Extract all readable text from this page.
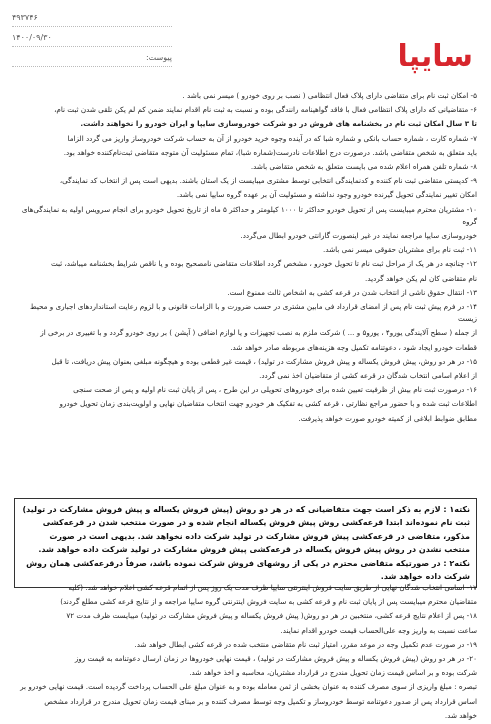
۴۹۳۷۴۶
۱۴۰۰/۰۹/۳۰
پیوست:	سایپا
۵- امکان ثبت نام برای متقاضی دارای پلاک فعال انتظامی ( نصب بر روی خودرو ) میسر نمی باشد .
۶- متقاضیانی که دارای پلاک انتظامی فعال با فاقد گواهینامه رانندگی بوده و نسبت به ثبت نام اقدام نمایند ضمن کم لم یکن تلقی شدن ثبت نام،
تا ۳ سال امکان ثبت نام در بخشنامه های فروش در دو شرکت خودروسازی سایپا و ایران خودرو را نخواهند داشت.
۷- شماره کارت ، شماره حساب بانکی و شماره شبا که در آینده وجوه خرید خودرو از آن به حساب شرکت خودروساز واریز می گردد الزاما
باید متعلق به شخص متقاضی باشد. درصورت درج اطلاعات نادرست(شماره شبا)، تمام مسئولیت آن متوجه متقاضی ثبت‌نام‌کننده خواهد بود.
۸- شماره تلفن همراه اعلام شده می بایست متعلق به شخص متقاضی باشد.
۹- کدپستی متقاضی ثبت نام کننده و کدنمایندگی انتخابی توسط مشتری میبایست از یک استان باشند. بدیهی است پس از انتخاب کد نمایندگی،
امکان تغییر نمایندگی تحویل گیرنده خودرو وجود نداشته و مسئولیت آن بر عهده گروه سایپا نمی باشد.
۱۰- مشتریان محترم میبایست پس از تحویل خودرو حداکثر تا ۱۰۰۰ کیلومتر و حداکثر ۵ ماه از تاریخ تحویل خودرو برای انجام سرویس اولیه به نمایندگی‌های گروه
خودروسازی سایپا مراجعه نمایند در غیر اینصورت گارانتی خودرو ابطال می‌گردد.
۱۱- ثبت نام برای مشتریان حقوقی میسر نمی باشد.
۱۲- چنانچه در هر یک از مراحل ثبت نام تا تحویل خودرو ، مشخص گردد اطلاعات متقاضی نامصحیح بوده و یا ناقص شرایط بخشنامه میباشد، ثبت
نام متقاضی کان لم یکن خواهد گردید.
۱۳- انتقال حقوق ناشی از انتخاب شدن در قرعه کشی به اشخاص ثالث ممنوع است.
۱۴- در فرم پیش ثبت نام پس از امضای قرارداد فی مابین مشتری در حسب ضرورت و با الزامات قانونی و با لزوم رعایت استانداردهای اجباری و محیط زیست
از جمله ( سطح آلایندگی یورو۴ ، یورو۵ و ... ) شرکت ملزم به نصب تجهیزات و یا لوازم اضافی ( آپشن ) بر روی خودرو گردد و با تغییری در برخی از
قطعات خودرو ایجاد شود ، دعوتنامه تکمیل وجه هزینه‌های مربوطه صادر خواهد شد.
۱۵- در هر دو روش، پیش فروش یکساله و پیش فروش مشارکت در تولید) ، قیمت غیر قطعی بوده و هیچگونه مبلغی بعنوان پیش دریافت، تا قبل
از اعلام اسامی انتخاب شدگان در قرعه کشی از متقاضیان اخذ نمی گردد.
۱۶- درصورت ثبت نام بیش از ظرفیت تعیین شده برای خودروهای تحویلی در این طرح ، پس از پایان ثبت نام اولیه و پس از صحت سنجی
اطلاعات ثبت شده و با حضور مراجع نظارتی ، قرعه کشی به تفکیک هر خودرو جهت انتخاب متقاضیان نهایی و اولویت‌بندی زمان تحویل خودرو
مطابق ضوابط ابلاغی از کمیته خودرو صورت خواهد پذیرفت.
نکته۱ : لازم به ذکر است جهت متقاضیانی که در هر دو روش (پیش فروش یکساله و پیش فروش مشارکت در تولید) ثبت نام نموده‌اند ابتدا قرعه‌کشی روش پیش فروش یکساله انجام شده و در صورت منتخب شدن در قرعه‌کشی مذکور، متقاضی در قرعه‌کشی پیش فروش مشارکت در تولید شرکت داده نخواهد شد. بدیهی است در صورت منتخب نشدن در روش پیش فروش یکساله در قرعه‌کشی پیش فروش مشارکت در تولید شرکت داده خواهد شد.
نکته۲ : در صورتیکه متقاضی محترم در یکی از روشهای فروش شرکت نموده باشد، صرفاً درقرعه‌کشی همان روش شرکت داده خواهد شد.
۱۷- اسامی انتخاب شدگان نهایی از طریق سایت فروش اینترنتی سایپا ظرف مدت یک روز پس از اتمام قرعه کشی اعلام خواهد شد. (کلیه
متقاضیان محترم میبایست پس از پایان ثبت نام و قرعه کشی به سایت فروش اینترنتی گروه سایپا مراجعه و از نتایج قرعه کشی مطلع گردند)
۱۸- پس از اعلام نتایج قرعه کشی، منتخبین در هر دو روش( پیش فروش یکساله و پیش فروش مشارکت در تولید) میبایست ظرف مدت ۷۲
ساعت نسبت به واریز وجه علی‌الحساب قیمت خودرو اقدام نمایند.
۱۹- در صورت عدم تکمیل وجه در موعد مقرر، امتیاز ثبت نام متقاضی منتخب شده در قرعه کشی ابطال خواهد شد.
۲۰- در هر دو روش (پیش فروش یکساله و پیش فروش مشارکت در تولید) ، قیمت نهایی خودروها در زمان ارسال دعوتنامه به قیمت روز
شرکت بوده و بر اساس قیمت زمان تحویل مندرج در قرارداد مشتریان، محاسبه و اخذ خواهد شد.
تبصره : مبلغ واریزی از سوی مصرف کننده به عنوان بخشی از ثمن معامله بوده و به عنوان مبلغ علی الحساب پرداخت گردیده است. قیمت نهایی خودرو بر
اساس قرارداد پس از صدور دعوتنامه توسط خودروساز و تکمیل وجه توسط مصرف کننده و بر مبنای قیمت زمان تحویل مندرج در قرارداد مشخص
خواهد شد.
